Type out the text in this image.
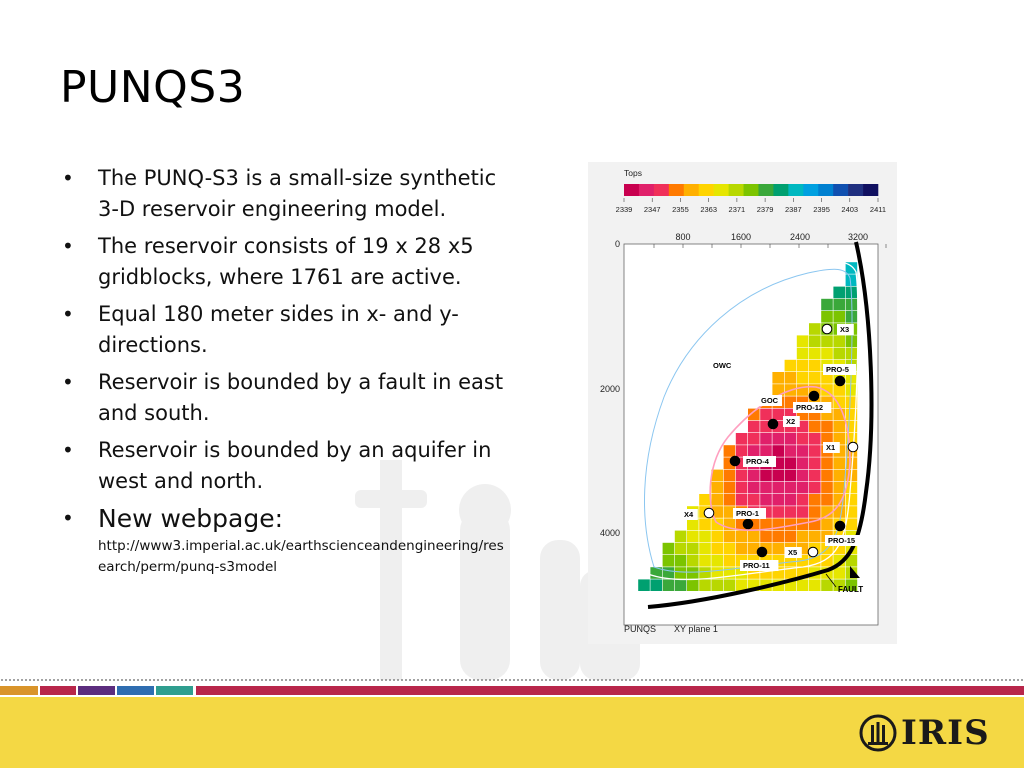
PUNQS3
• The PUNQ-S3 is a small-size synthetic 3-D reservoir engineering model.
• The reservoir consists of 19 x 28 x5 gridblocks, where 1761 are active.
• Equal 180 meter sides in x- and y- directions.
• Reservoir is bounded by a fault in east and south.
• Reservoir is bounded by an aquifer in west and north.
• New webpage:
http://www3.imperial.ac.uk/earthscienceandengineering/research/perm/punq-s3model
Tops
2339 2347 2355 2363 2371 2379 2387 2395 2403 2411
800	1600	2400	3200
0
2000
4000
FAULT
X3
PRO-5
PRO-12
X2
X1
PRO-4
X4	PRO-1
PRO-15
PRO-11
X5
OWC
GOC
PUNQS XY plane 1
IRIS
